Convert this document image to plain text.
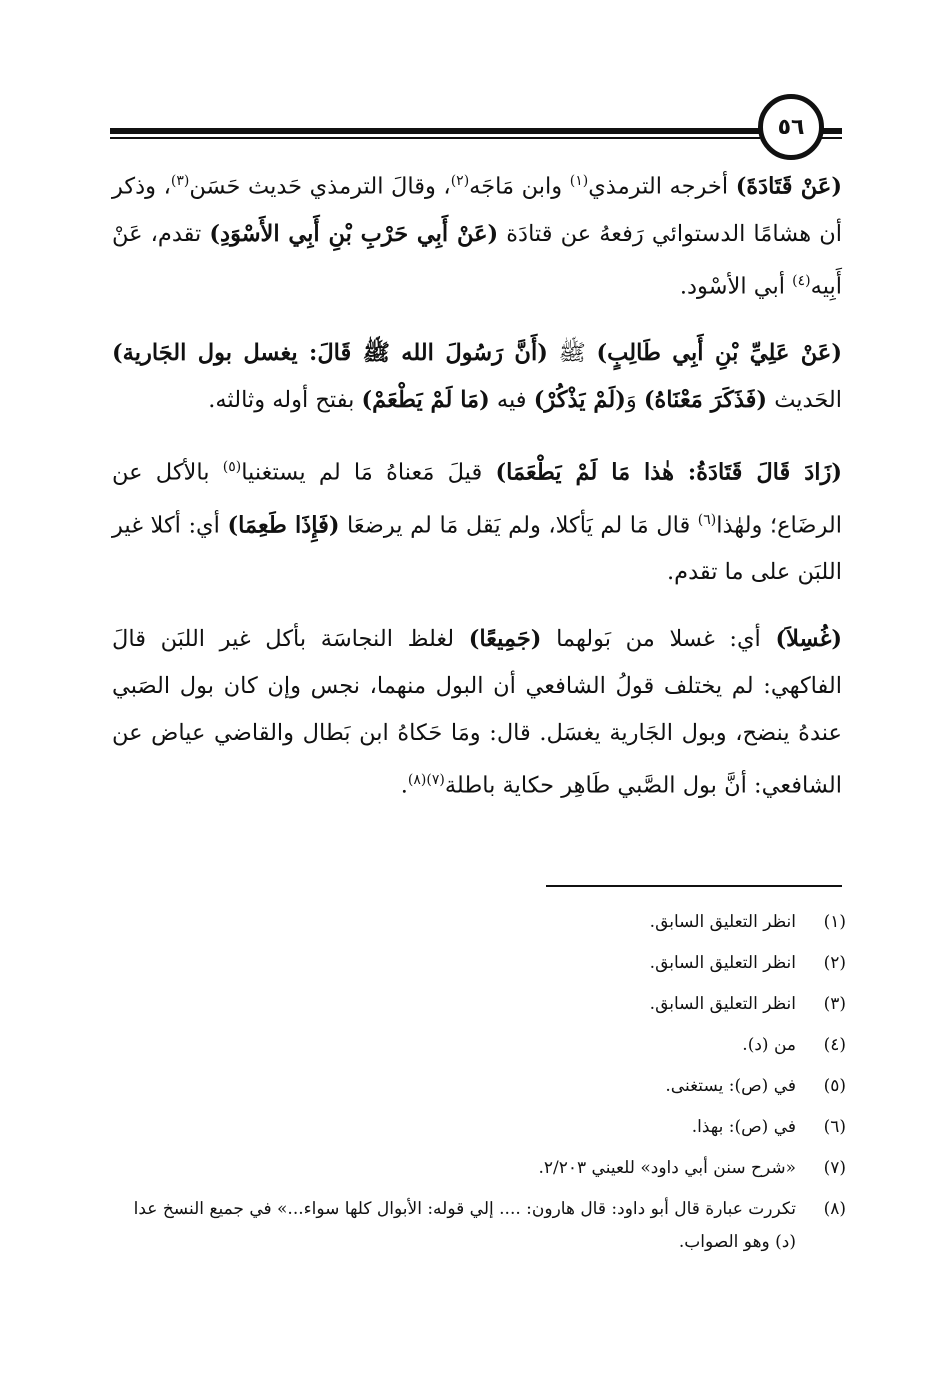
٥٦

(عَنْ قَتَادَةَ) أخرجه الترمذي$^{(١)}$ وابن مَاجَه$^{(٢)}$، وقالَ الترمذي حَديث حَسَن$^{(٣)}$، وذكر أن هشامًا الدستوائي رَفعهُ عن قتادَة (عَنْ أَبِي حَرْبِ بْنِ أَبِي الأَسْوَدِ) تقدم، عَنْ أَبِيه$^{(٤)}$ أبي الأسْود.

(عَنْ عَلِيِّ بْنِ أَبِي طَالِبٍ) ﷺ (أَنَّ رَسُولَ الله ﷺ قَالَ: يغسل بول الجَارية) الحَديث (فَذَكَرَ مَعْنَاهُ) وَ(لَمْ يَذْكُرْ) فيه (مَا لَمْ يَطْعَمْ) بفتح أوله وثالثه.

(زَادَ قَالَ قَتَادَةُ: هٰذا مَا لَمْ يَطْعَمَا) قيلَ مَعناهُ مَا لم يستغنيا$^{(٥)}$ بالأكل عن الرضَاع؛ ولهٰذا$^{(٦)}$ قال مَا لم يَأكلا، ولم يَقل مَا لم يرضعَا (فَإِذَا طَعِمَا) أي: أكلا غير اللبَن على ما تقدم.

(غُسِلاَ) أي: غسلا من بَولهما (جَمِيعًا) لغلظ النجاسَة بأكل غير اللبَن قالَ الفاكهي: لم يختلف قولُ الشافعي أن البول منهما، نجس وإن كان بول الصَبي عندهُ ينضح، وبول الجَارية يغسَل. قال: ومَا حَكاهُ ابن بَطال والقاضي عياض عن الشافعي: أنَّ بول الصَّبي طَاهِر حكاية باطلة$^{(٧)(٨)}$.

(١)
انظر التعليق السابق.
(٢)
انظر التعليق السابق.
(٣)
انظر التعليق السابق.
(٤)
من (د).
(٥)
في (ص): يستغنى.
(٦)
في (ص): بهذا.
(٧)
«شرح سنن أبي داود» للعيني ٢/٢٠٣.
(٨)
تكررت عبارة قال أبو داود: قال هارون: .... إلي قوله: الأبوال كلها سواء...» في جميع النسخ عدا (د) وهو الصواب.
